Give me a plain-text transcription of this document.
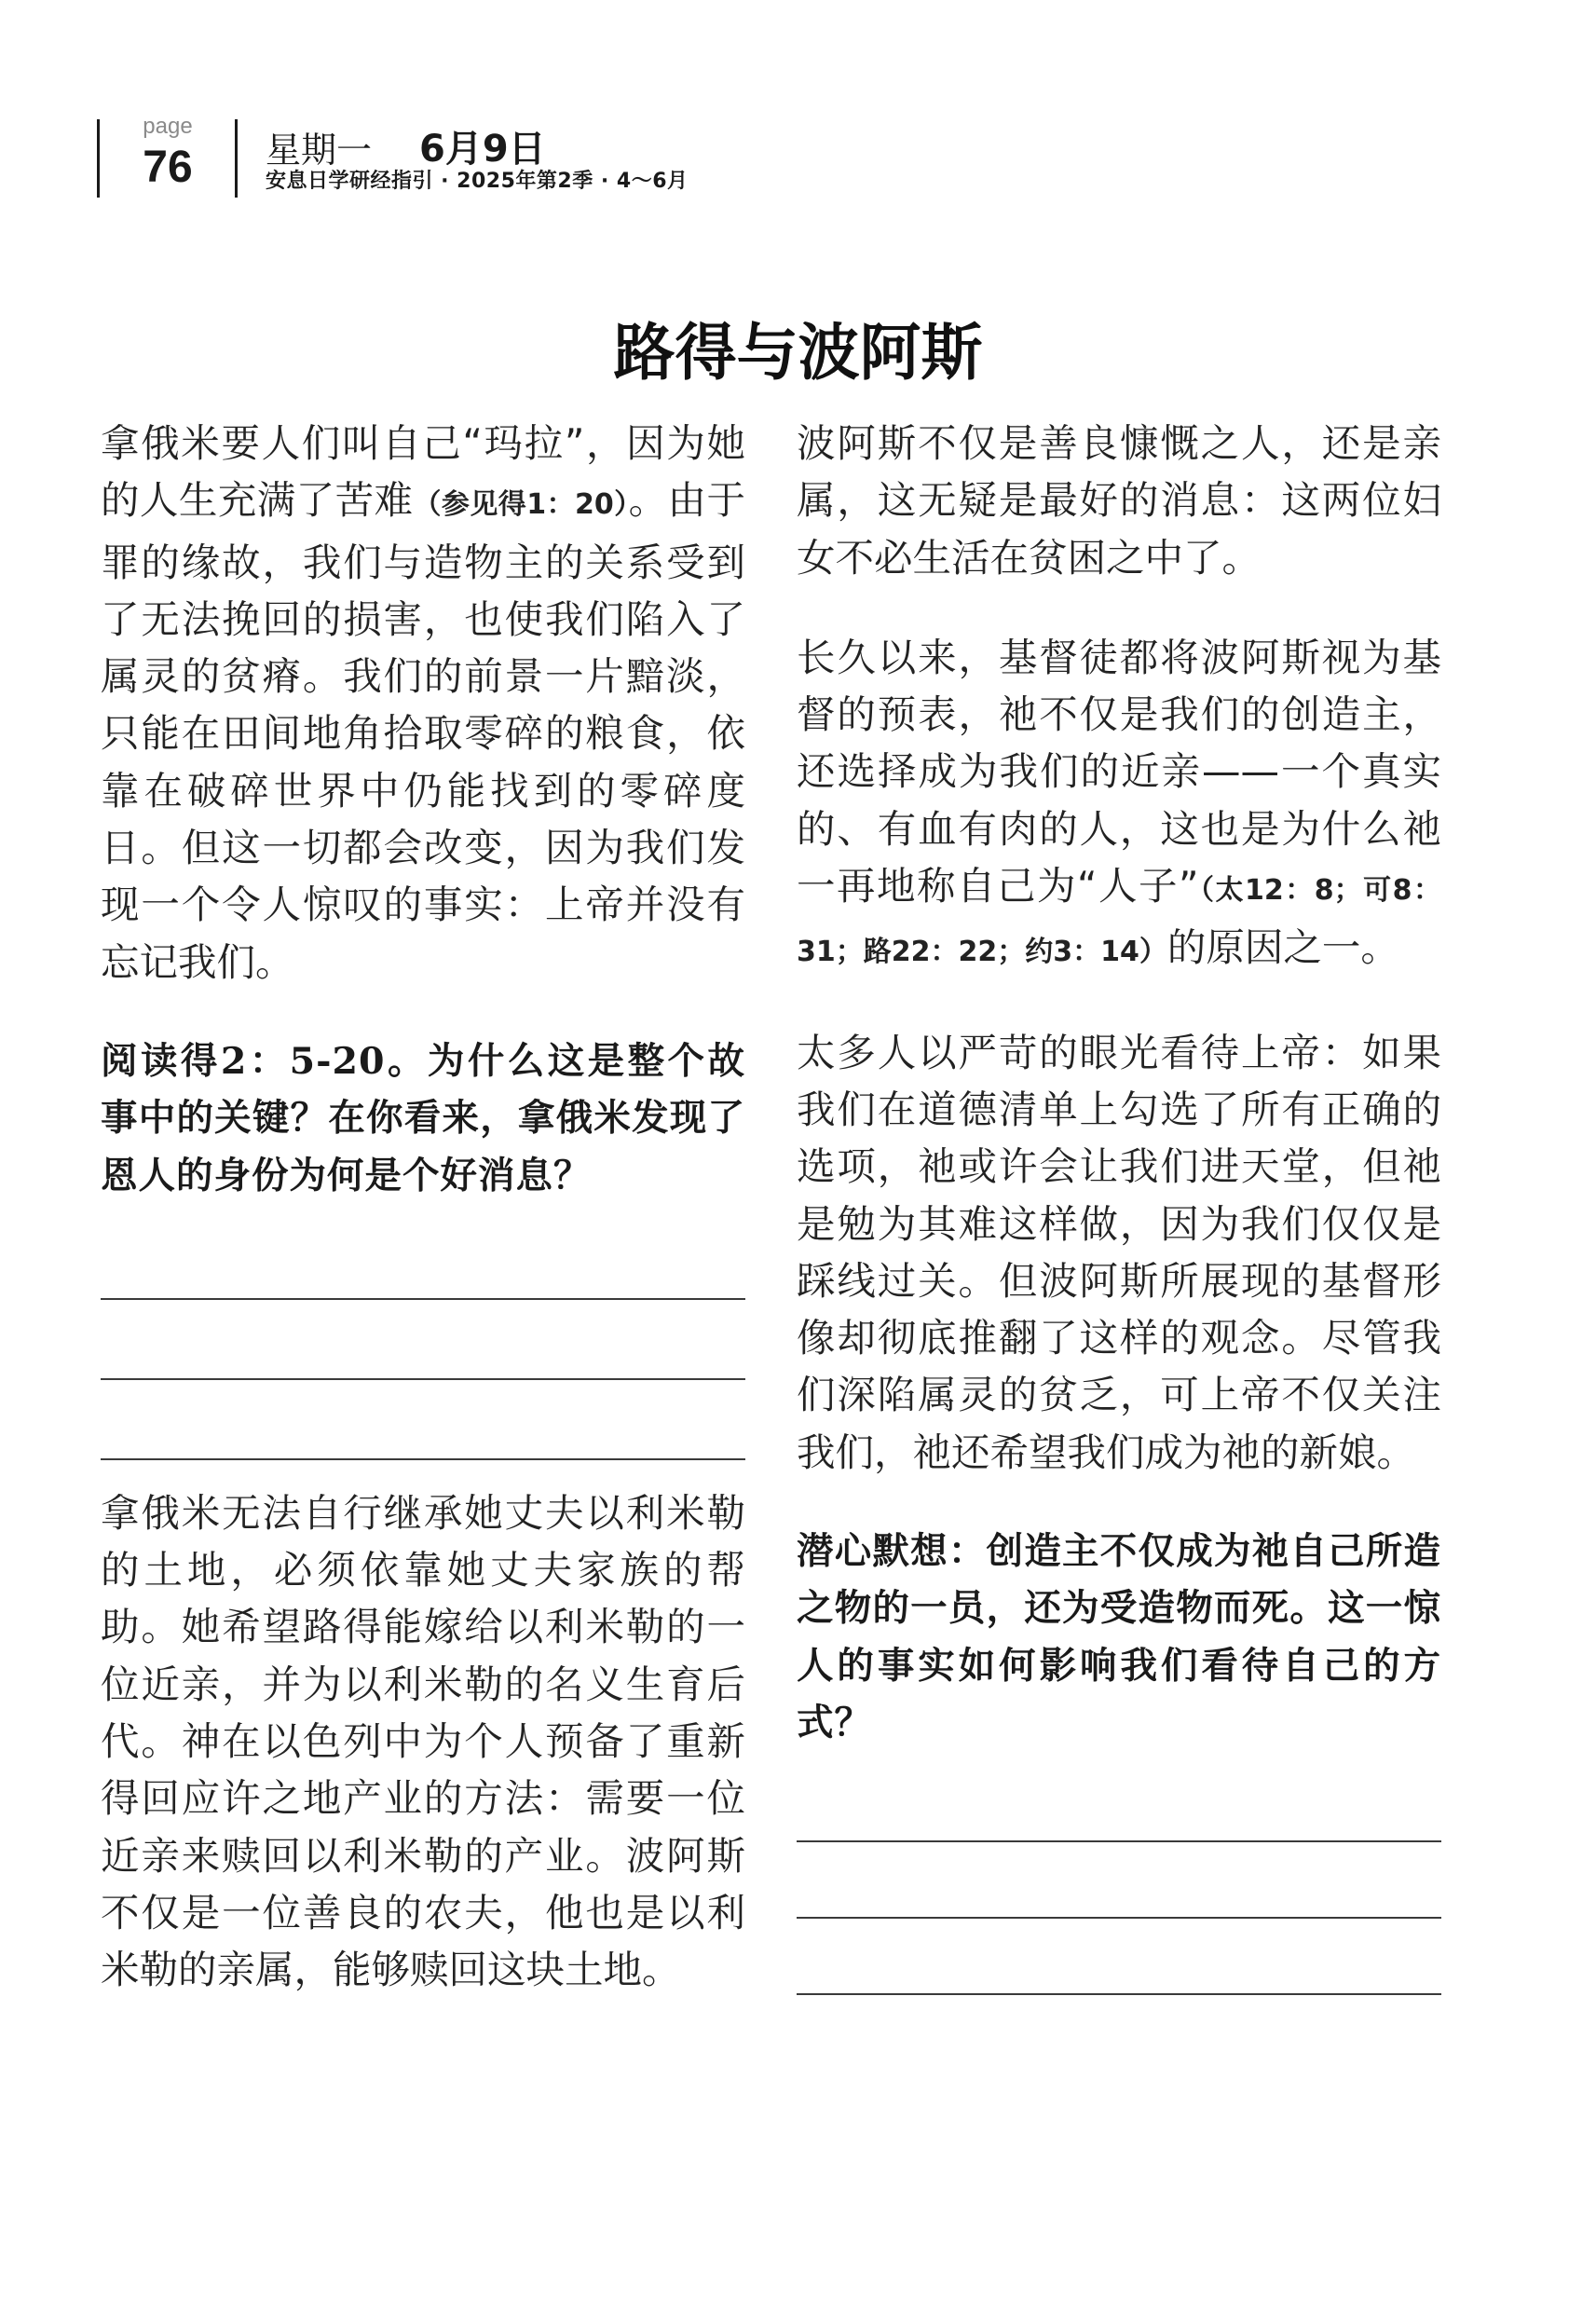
page
76	星期一 6月9日
安息日学研经指引 · 2025年第2季 · 4～6月
路得与波阿斯

拿俄米要人们叫自己“玛拉”，因为她的人生充满了苦难（参见得1：20）。由于罪的缘故，我们与造物主的关系受到了无法挽回的损害，也使我们陷入了属灵的贫瘠。我们的前景一片黯淡，只能在田间地角拾取零碎的粮食，依靠在破碎世界中仍能找到的零碎度日。但这一切都会改变，因为我们发现一个令人惊叹的事实：上帝并没有忘记我们。

阅读得2：5-20。为什么这是整个故事中的关键？在你看来，拿俄米发现了恩人的身份为何是个好消息？

拿俄米无法自行继承她丈夫以利米勒的土地，必须依靠她丈夫家族的帮助。她希望路得能嫁给以利米勒的一位近亲，并为以利米勒的名义生育后代。神在以色列中为个人预备了重新得回应许之地产业的方法：需要一位近亲来赎回以利米勒的产业。波阿斯不仅是一位善良的农夫，他也是以利米勒的亲属，能够赎回这块土地。

波阿斯不仅是善良慷慨之人，还是亲属，这无疑是最好的消息：这两位妇女不必生活在贫困之中了。

长久以来，基督徒都将波阿斯视为基督的预表，祂不仅是我们的创造主，还选择成为我们的近亲——一个真实的、有血有肉的人，这也是为什么祂一再地称自己为“人子”（太12：8；可8：31；路22：22；约3：14）的原因之一。

太多人以严苛的眼光看待上帝：如果我们在道德清单上勾选了所有正确的选项，祂或许会让我们进天堂，但祂是勉为其难这样做，因为我们仅仅是踩线过关。但波阿斯所展现的基督形像却彻底推翻了这样的观念。尽管我们深陷属灵的贫乏，可上帝不仅关注我们，祂还希望我们成为祂的新娘。

潜心默想：创造主不仅成为祂自己所造之物的一员，还为受造物而死。这一惊人的事实如何影响我们看待自己的方式？
